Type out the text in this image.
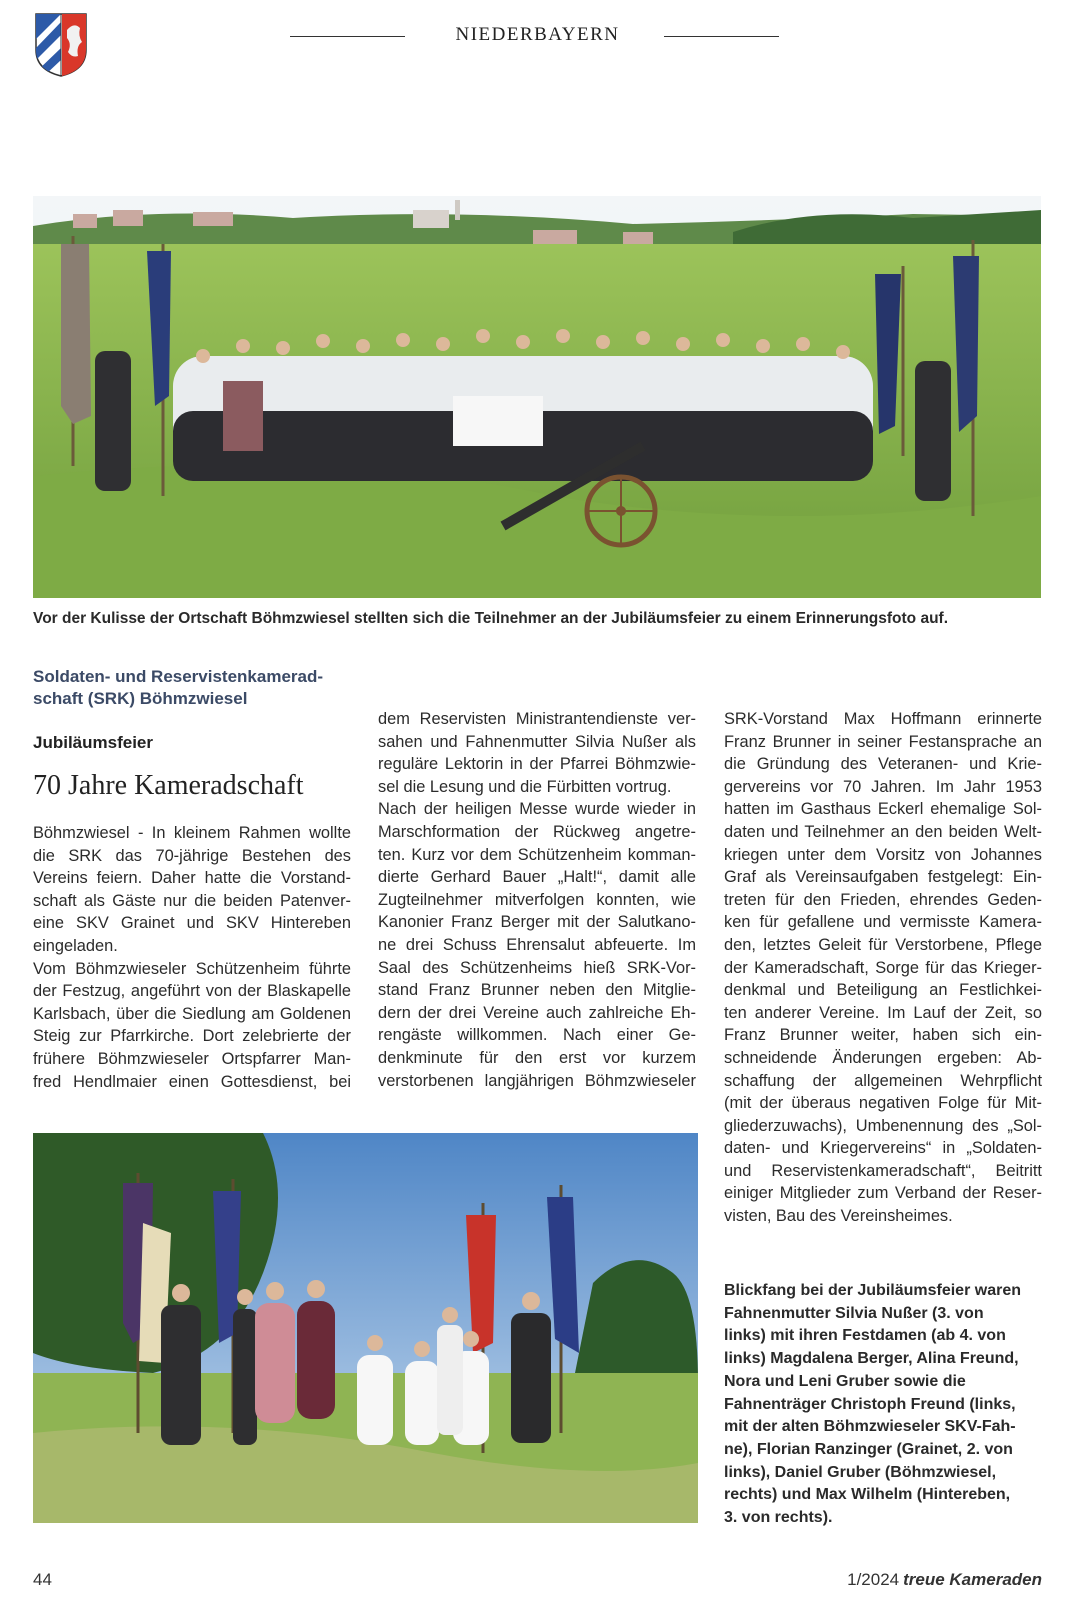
NIEDERBAYERN
Vor der Kulisse der Ortschaft Böhmzwiesel stellten sich die Teilnehmer an der Jubiläumsfeier zu einem Erinnerungsfoto auf.
Soldaten- und Reservistenkamerad-
schaft (SRK) Böhmzwiesel
Jubiläumsfeier
70 Jahre Kameradschaft
Böhmzwiesel - In kleinem Rahmen wollte
die SRK das 70-jährige Bestehen des
Vereins feiern. Daher hatte die Vorstand-
schaft als Gäste nur die beiden Patenver-
eine SKV Grainet und SKV Hintereben
eingeladen.
Vom Böhmzwieseler Schützenheim führte
der Festzug, angeführt von der Blaskapelle
Karlsbach, über die Siedlung am Goldenen
Steig zur Pfarrkirche. Dort zelebrierte der
frühere Böhmzwieseler Ortspfarrer Man-
fred Hendlmaier einen Gottesdienst, bei
dem Reservisten Ministrantendienste ver-
sahen und Fahnenmutter Silvia Nußer als
reguläre Lektorin in der Pfarrei Böhmzwie-
sel die Lesung und die Fürbitten vortrug.
Nach der heiligen Messe wurde wieder in
Marschformation der Rückweg angetre-
ten. Kurz vor dem Schützenheim komman-
dierte Gerhard Bauer „Halt!“, damit alle
Zugteilnehmer mitverfolgen konnten, wie
Kanonier Franz Berger mit der Salutkano-
ne drei Schuss Ehrensalut abfeuerte. Im
Saal des Schützenheims hieß SRK-Vor-
stand Franz Brunner neben den Mitglie-
dern der drei Vereine auch zahlreiche Eh-
rengäste willkommen. Nach einer Ge-
denkminute für den erst vor kurzem
verstorbenen langjährigen Böhmzwieseler
SRK-Vorstand Max Hoffmann erinnerte
Franz Brunner in seiner Festansprache an
die Gründung des Veteranen- und Krie-
gervereins vor 70 Jahren. Im Jahr 1953
hatten im Gasthaus Eckerl ehemalige Sol-
daten und Teilnehmer an den beiden Welt-
kriegen unter dem Vorsitz von Johannes
Graf als Vereinsaufgaben festgelegt: Ein-
treten für den Frieden, ehrendes Geden-
ken für gefallene und vermisste Kamera-
den, letztes Geleit für Verstorbene, Pflege
der Kameradschaft, Sorge für das Krieger-
denkmal und Beteiligung an Festlichkei-
ten anderer Vereine. Im Lauf der Zeit, so
Franz Brunner weiter, haben sich ein-
schneidende Änderungen ergeben: Ab-
schaffung der allgemeinen Wehrpflicht
(mit der überaus negativen Folge für Mit-
gliederzuwachs), Umbenennung des „Sol-
daten- und Kriegervereins“ in „Soldaten-
und Reservistenkameradschaft“, Beitritt
einiger Mitglieder zum Verband der Reser-
visten, Bau des Vereinsheimes.
Blickfang bei der Jubiläumsfeier waren
Fahnenmutter Silvia Nußer (3. von
links) mit ihren Festdamen (ab 4. von
links) Magdalena Berger, Alina Freund,
Nora und Leni Gruber sowie die
Fahnenträger Christoph Freund (links,
mit der alten Böhmzwieseler SKV-Fah-
ne), Florian Ranzinger (Grainet, 2. von
links), Daniel Gruber (Böhmzwiesel,
rechts) und Max Wilhelm (Hintereben,
3. von rechts).
44	1/2024 treue Kameraden
